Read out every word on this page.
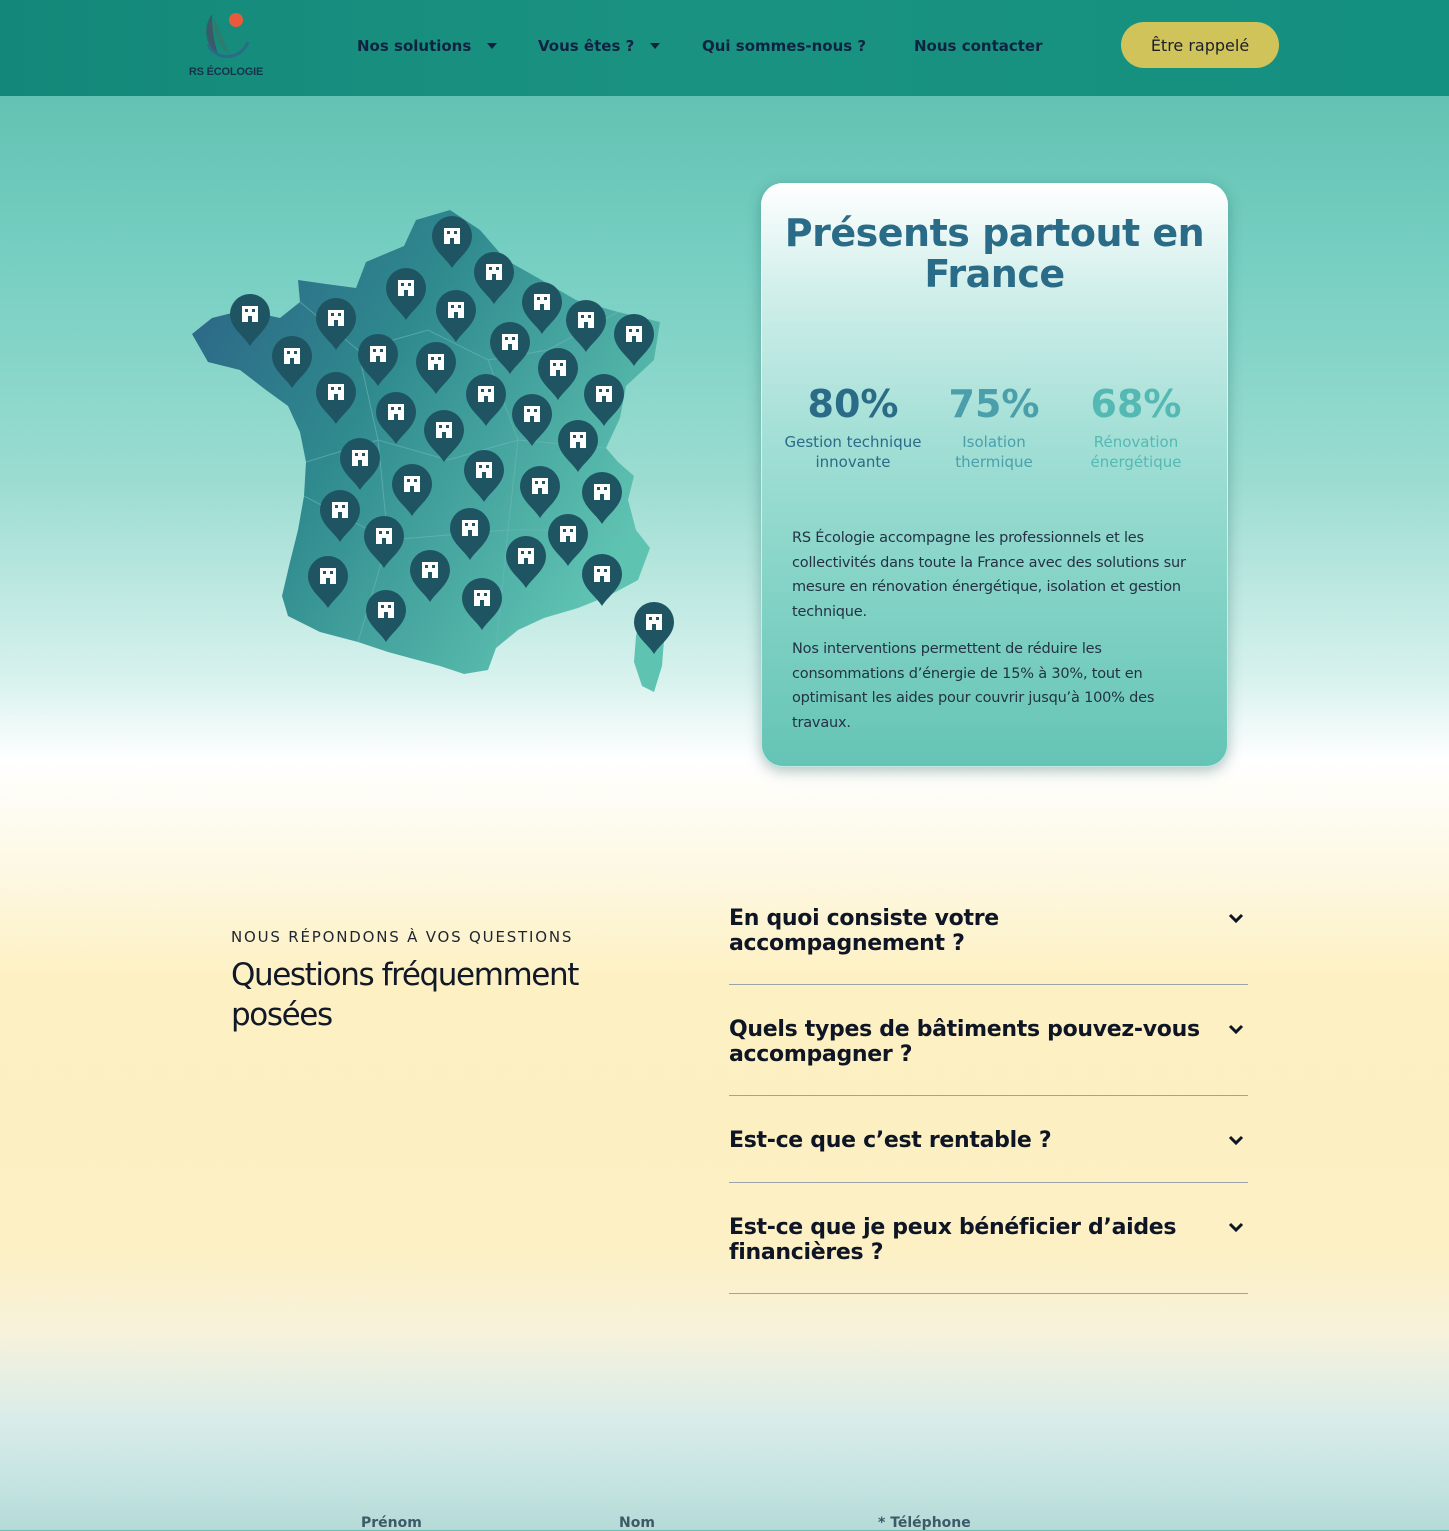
RS ÉCOLOGIE
Nos solutions	Vous êtes ?	Qui sommes-nous ?	Nous contacter	Être rappelé
Présents partout en France
80%
Gestion technique innovante
75%
Isolation thermique
68%
Rénovation énergétique
RS Écologie accompagne les professionnels et les collectivités dans toute la France avec des solutions sur mesure en rénovation énergétique, isolation et gestion technique.
Nos interventions permettent de réduire les consommations d’énergie de 15% à 30%, tout en optimisant les aides pour couvrir jusqu’à 100% des travaux.
NOUS RÉPONDONS À VOS QUESTIONS
Questions fréquemment posées
En quoi consiste votre accompagnement ?
Quels types de bâtiments pouvez-vous accompagner ?
Est-ce que c’est rentable ?
Est-ce que je peux bénéficier d’aides financières ?
Prénom	Nom	* Téléphone
